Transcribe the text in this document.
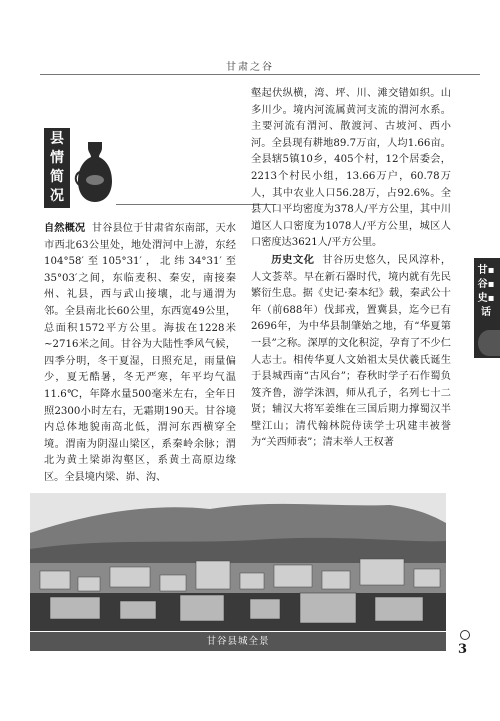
甘肃之谷
县情简况

自然概况 甘谷县位于甘肃省东南部，天水市西北63公里处，地处渭河中上游，东经104°58′至105°31′，北纬34°31′至35°03′之间，东临麦积、秦安，南接秦州、礼县，西与武山接壤，北与通渭为邻。全县南北长60公里，东西宽49公里，总面积1572平方公里。海拔在1228米~2716米之间。甘谷为大陆性季风气候，四季分明，冬干夏湿，日照充足，雨量偏少，夏无酷暑，冬无严寒，年平均气温11.6℃，年降水量500毫米左右，全年日照2300小时左右，无霜期190天。甘谷境内总体地貌南高北低，渭河东西横穿全境。渭南为阴湿山梁区，系秦岭余脉；渭北为黄土梁峁沟壑区，系黄土高原边缘区。全县境内梁、峁、沟、

壑起伏纵横，湾、坪、川、滩交错如织。山多川少。境内河流属黄河支流的渭河水系。主要河流有渭河、散渡河、古坡河、西小河。全县现有耕地89.7万亩，人均1.66亩。全县辖5镇10乡，405个村，12个居委会，2213个村民小组，13.66万户，60.78万人，其中农业人口56.28万，占92.6%。全县人口平均密度为378人/平方公里，其中川道区人口密度为1078人/平方公里，城区人口密度达3621人/平方公里。

历史文化 甘谷历史悠久，民风淳朴，人文荟萃。早在新石器时代，境内就有先民繁衍生息。据《史记·秦本纪》载，秦武公十年（前688年）伐邽戎，置冀县，迄今已有2696年，为中华县制肇始之地，有“华夏第一县”之称。深厚的文化积淀，孕育了不少仁人志士。相传华夏人文始祖太昊伏羲氏诞生于县城西南“古风台”；春秋时学子石作蜀负笈齐鲁，游学洙泗，师从孔子，名列七十二贤；辅汉大将军姜维在三国后期力撑蜀汉半壁江山；清代翰林院侍读学士巩建丰被誉为“关西师表”；清末举人王权著

甘▪谷▪史▪话
甘谷县城全景
3
